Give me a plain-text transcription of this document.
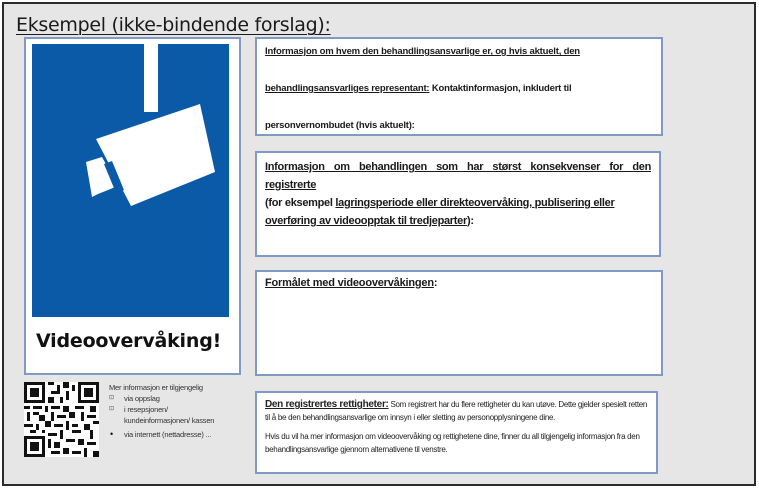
Eksempel (ikke-bindende forslag):
Videoovervåking!

Informasjon om hvem den behandlingsansvarlige er, og hvis aktuelt, den

behandlingsansvarliges representant: Kontaktinformasjon, inkludert til

personvernombudet (hvis aktuelt):

Informasjon om behandlingen som har størst konsekvenser for den registrerte

(for eksempel lagringsperiode eller direkteovervåking, publisering eller

overføring av videoopptak til tredjeparter):

Formålet med videoovervåkingen:

Den registrertes rettigheter: Som registrert har du flere rettigheter du kan utøve. Dette gjelder spesielt retten til å be den behandlingsansvarlige om innsyn i eller sletting av personopplysningene dine.

Hvis du vil ha mer informasjon om videoovervåking og rettighetene dine, finner du all tilgjengelig informasjon fra den behandlingsansvarlige gjennom alternativene til venstre.

Mer informasjon er tilgjengelig
⊡ via oppslag
⊡ i resepsjonen/ kundeinformasjonen/ kassen
• via internett (nettadresse) ...
